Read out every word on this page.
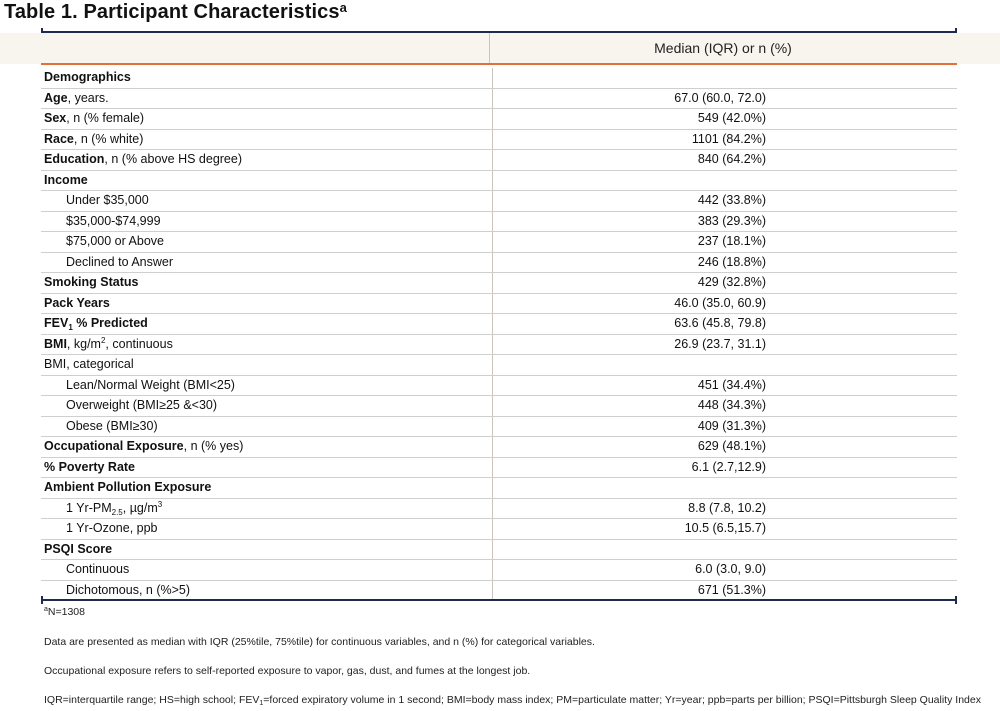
Table 1. Participant Characteristics$^a$
Median (IQR) or n (%)
Demographics	
Age, years.	67.0 (60.0, 72.0)
Sex, n (% female)	549 (42.0%)
Race, n (% white)	1101 (84.2%)
Education, n (% above HS degree)	840 (64.2%)
Income	
Under $35,000	442 (33.8%)
$35,000-$74,999	383 (29.3%)
$75,000 or Above	237 (18.1%)
Declined to Answer	246 (18.8%)
Smoking Status	429 (32.8%)
Pack Years	46.0 (35.0, 60.9)
$FEV_1$ % Predicted	63.6 (45.8, 79.8)
BMI, $kg/m^2$, continuous	26.9 (23.7, 31.1)
BMI, categorical	
Lean/Normal Weight (BMI<25)	451 (34.4%)
Overweight (BMI≥25 &<30)	448 (34.3%)
Obese (BMI≥30)	409 (31.3%)
Occupational Exposure, n (% yes)	629 (48.1%)
% Poverty Rate	6.1 (2.7,12.9)
Ambient Pollution Exposure	
1 $Yr-PM_{2.5}$, $\mu g/m^3$	8.8 (7.8, 10.2)
1 Yr-Ozone, ppb	10.5 (6.5,15.7)
PSQI Score	
Continuous	6.0 (3.0, 9.0)
Dichotomous, n (%>5)	671 (51.3%)

$^a$N=1308

Data are presented as median with IQR (25%tile, 75%tile) for continuous variables, and n (%) for categorical variables.

Occupational exposure refers to self-reported exposure to vapor, gas, dust, and fumes at the longest job.

IQR=interquartile range; HS=high school; $FEV_1=forced$ expiratory volume in 1 second; BMI=body mass index; PM=particulate matter; Yr=year; ppb=parts per billion; PSQI=Pittsburgh Sleep Quality Index
